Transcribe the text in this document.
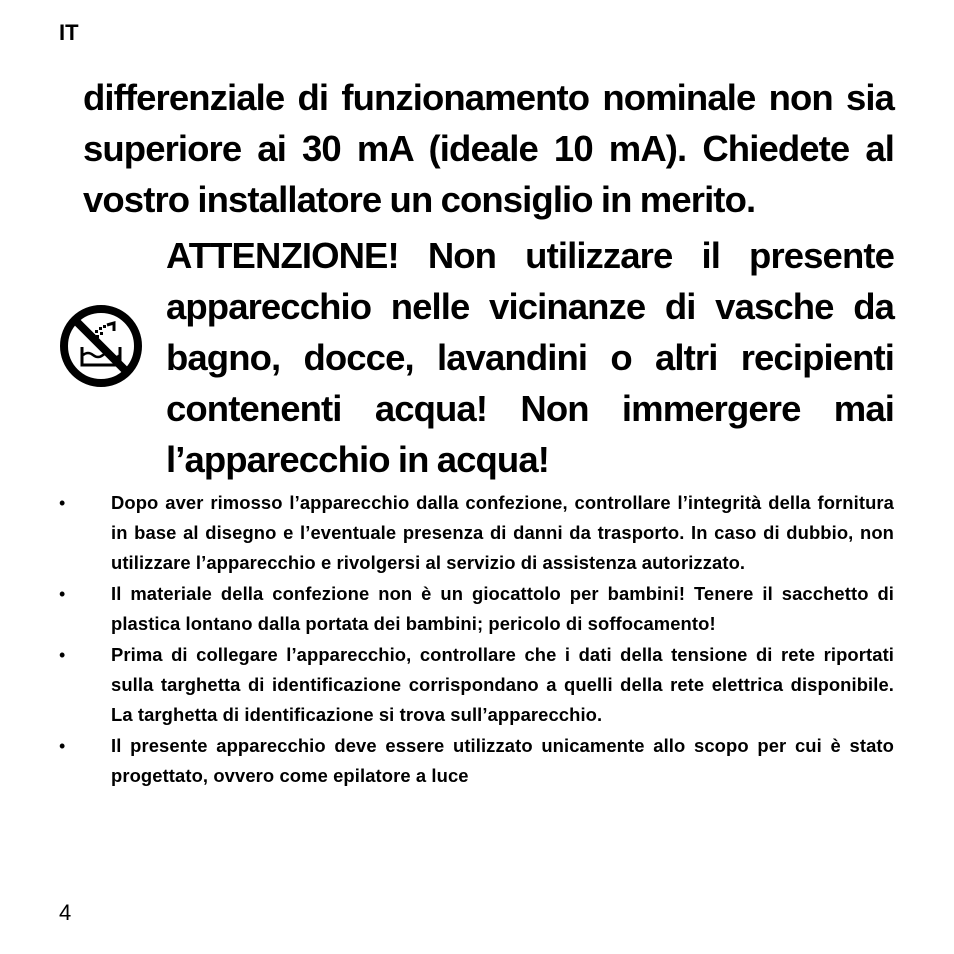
IT

differenziale di funzionamento nominale non sia superiore ai 30 mA (ideale 10 mA). Chiedete al vostro installatore un consiglio in merito.

ATTENZIONE! Non utilizzare il presente apparecchio nelle vicinanze di vasche da bagno, docce, lavandini o altri recipienti contenenti acqua! Non immergere mai l’apparecchio in acqua!

•	Dopo aver rimosso l’apparecchio dalla confezione, controllare l’integrità della fornitura in base al disegno e l’eventuale presenza di danni da trasporto. In caso di dubbio, non utilizzare l’apparecchio e rivolgersi al servizio di assistenza autorizzato.
•	Il materiale della confezione non è un giocattolo per bambini! Tenere il sacchetto di plastica lontano dalla portata dei bambini; pericolo di soffocamento!
•	Prima di collegare l’apparecchio, controllare che i dati della tensione di rete riportati sulla targhetta di identificazione corrispondano a quelli della rete elettrica disponibile. La targhetta di identificazione si trova sull’apparecchio.
•	Il presente apparecchio deve essere utilizzato unicamente allo scopo per cui è stato progettato, ovvero come epilatore a luce
4
